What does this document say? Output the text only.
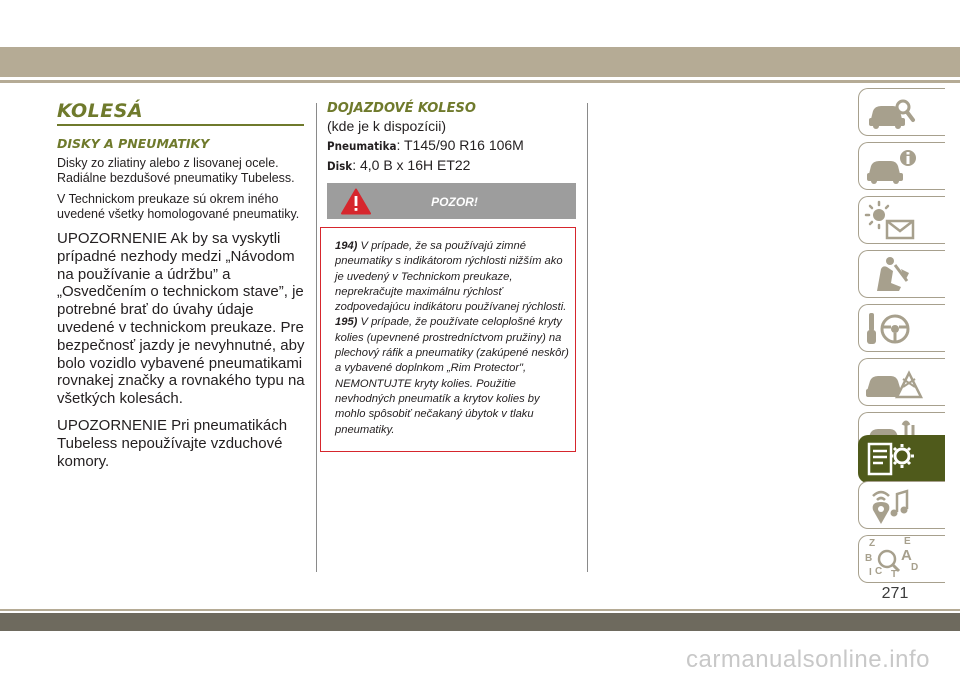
KOLESÁ
DISKY A PNEUMATIKY
Disky zo zliatiny alebo z lisovanej ocele. Radiálne bezdušové pneumatiky Tubeless.
V Technickom preukaze sú okrem iného uvedené všetky homologované pneumatiky.
UPOZORNENIE Ak by sa vyskytli prípadné nezhody medzi „Návodom na používanie a údržbu” a „Osvedčením o technickom stave”, je potrebné brať do úvahy údaje uvedené v technickom preukaze. Pre bezpečnosť jazdy je nevyhnutné, aby bolo vozidlo vybavené pneumatikami rovnakej značky a rovnakého typu na všetkých kolesách.
UPOZORNENIE Pri pneumatikách Tubeless nepoužívajte vzduchové komory.
DOJAZDOVÉ KOLESO
(kde je k dispozícii)
Pneumatika: T145/90 R16 106M
Disk: 4,0 B x 16H ET22
POZOR!
194) V prípade, že sa používajú zimné pneumatiky s indikátorom rýchlosti nižším ako je uvedený v Technickom preukaze, neprekračujte maximálnu rýchlosť zodpovedajúcu indikátoru používanej rýchlosti.
195) V prípade, že používate celoplošné kryty kolies (upevnené prostredníctvom pružiny) na plechový ráfik a pneumatiky (zakúpené neskôr) a vybavené doplnkom „Rim Protector", NEMONTUJTE kryty kolies. Použitie nevhodných pneumatík a krytov kolies by mohlo spôsobiť nečakaný úbytok v tlaku pneumatiky.
Z	E
B A
C T
D
I
271
carmanualsonline.info
